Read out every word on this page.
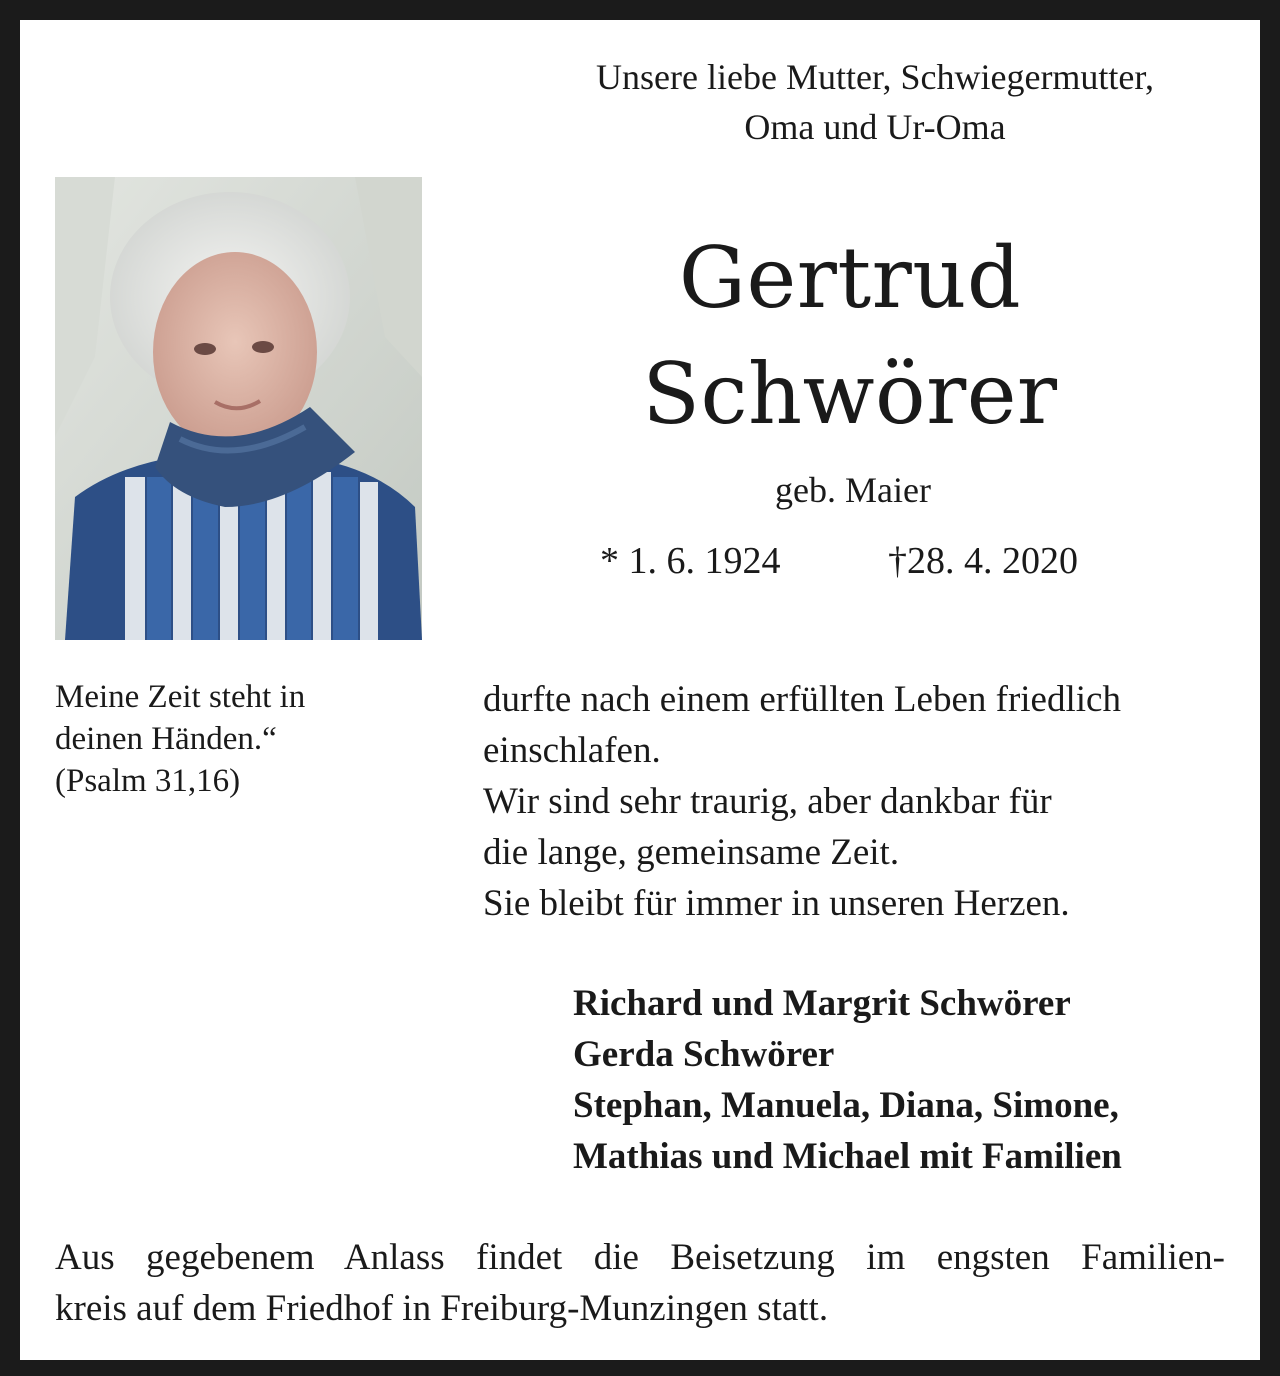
Unsere liebe Mutter, Schwiegermutter,
Oma und Ur-Oma
Gertrud
Schwörer
geb. Maier
* 1. 6. 1924	†28. 4. 2020
Meine Zeit steht in
deinen Händen.“
(Psalm 31,16)
durfte nach einem erfüllten Leben friedlich
einschlafen.
Wir sind sehr traurig, aber dankbar für
die lange, gemeinsame Zeit.
Sie bleibt für immer in unseren Herzen.
Richard und Margrit Schwörer
Gerda Schwörer
Stephan, Manuela, Diana, Simone,
Mathias und Michael mit Familien
Aus gegebenem Anlass findet die Beisetzung im engsten Familien-
kreis auf dem Friedhof in Freiburg-Munzingen statt.
